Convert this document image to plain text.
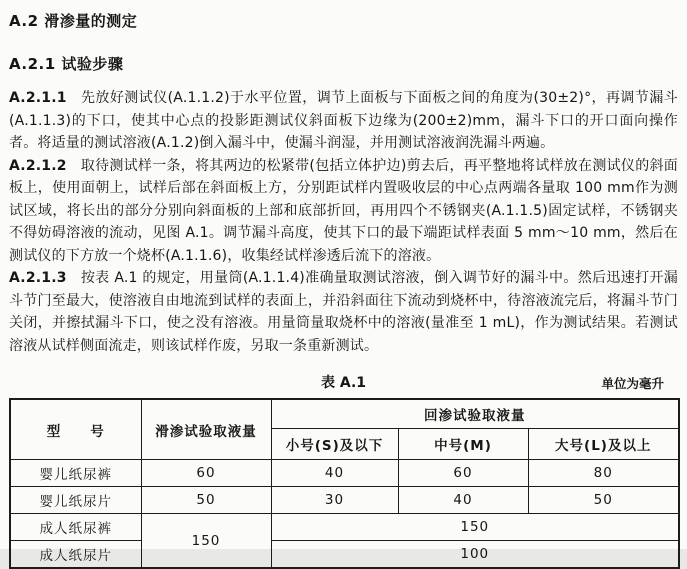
A.2 滑渗量的测定
A.2.1 试验步骤

A.2.1.1 先放好测试仪(A.1.1.2)于水平位置，调节上面板与下面板之间的角度为(30±2)°，再调节漏斗(A.1.1.3)的下口，使其中心点的投影距测试仪斜面板下边缘为(200±2)mm，漏斗下口的开口面向操作者。将适量的测试溶液(A.1.2)倒入漏斗中，使漏斗润湿，并用测试溶液润洗漏斗两遍。

A.2.1.2 取待测试样一条，将其两边的松紧带(包括立体护边)剪去后，再平整地将试样放在测试仪的斜面板上，使用面朝上，试样后部在斜面板上方，分别距试样内置吸收层的中心点两端各量取 100 mm作为测试区域，将长出的部分分别向斜面板的上部和底部折回，再用四个不锈钢夹(A.1.1.5)固定试样，不锈钢夹不得妨碍溶液的流动，见图 A.1。调节漏斗高度，使其下口的最下端距试样表面 5 mm～10 mm，然后在测试仪的下方放一个烧杯(A.1.1.6)，收集经试样渗透后流下的溶液。

A.2.1.3 按表 A.1 的规定，用量筒(A.1.1.4)准确量取测试溶液，倒入调节好的漏斗中。然后迅速打开漏斗节门至最大，使溶液自由地流到试样的表面上，并沿斜面往下流动到烧杯中，待溶液流完后，将漏斗节门关闭，并擦拭漏斗下口，使之没有溶液。用量筒量取烧杯中的溶液(量准至 1 mL)，作为测试结果。若测试溶液从试样侧面流走，则该试样作废，另取一条重新测试。

表 A.1	单位为毫升
型　　号	滑渗试验取液量	回渗试验取液量		
		小号(S)及以下	中号(M)	大号(L)及以上
婴儿纸尿裤	60	40	60	80
婴儿纸尿片	50	30	40	50
成人纸尿裤	150	150		
成人纸尿片		100		
